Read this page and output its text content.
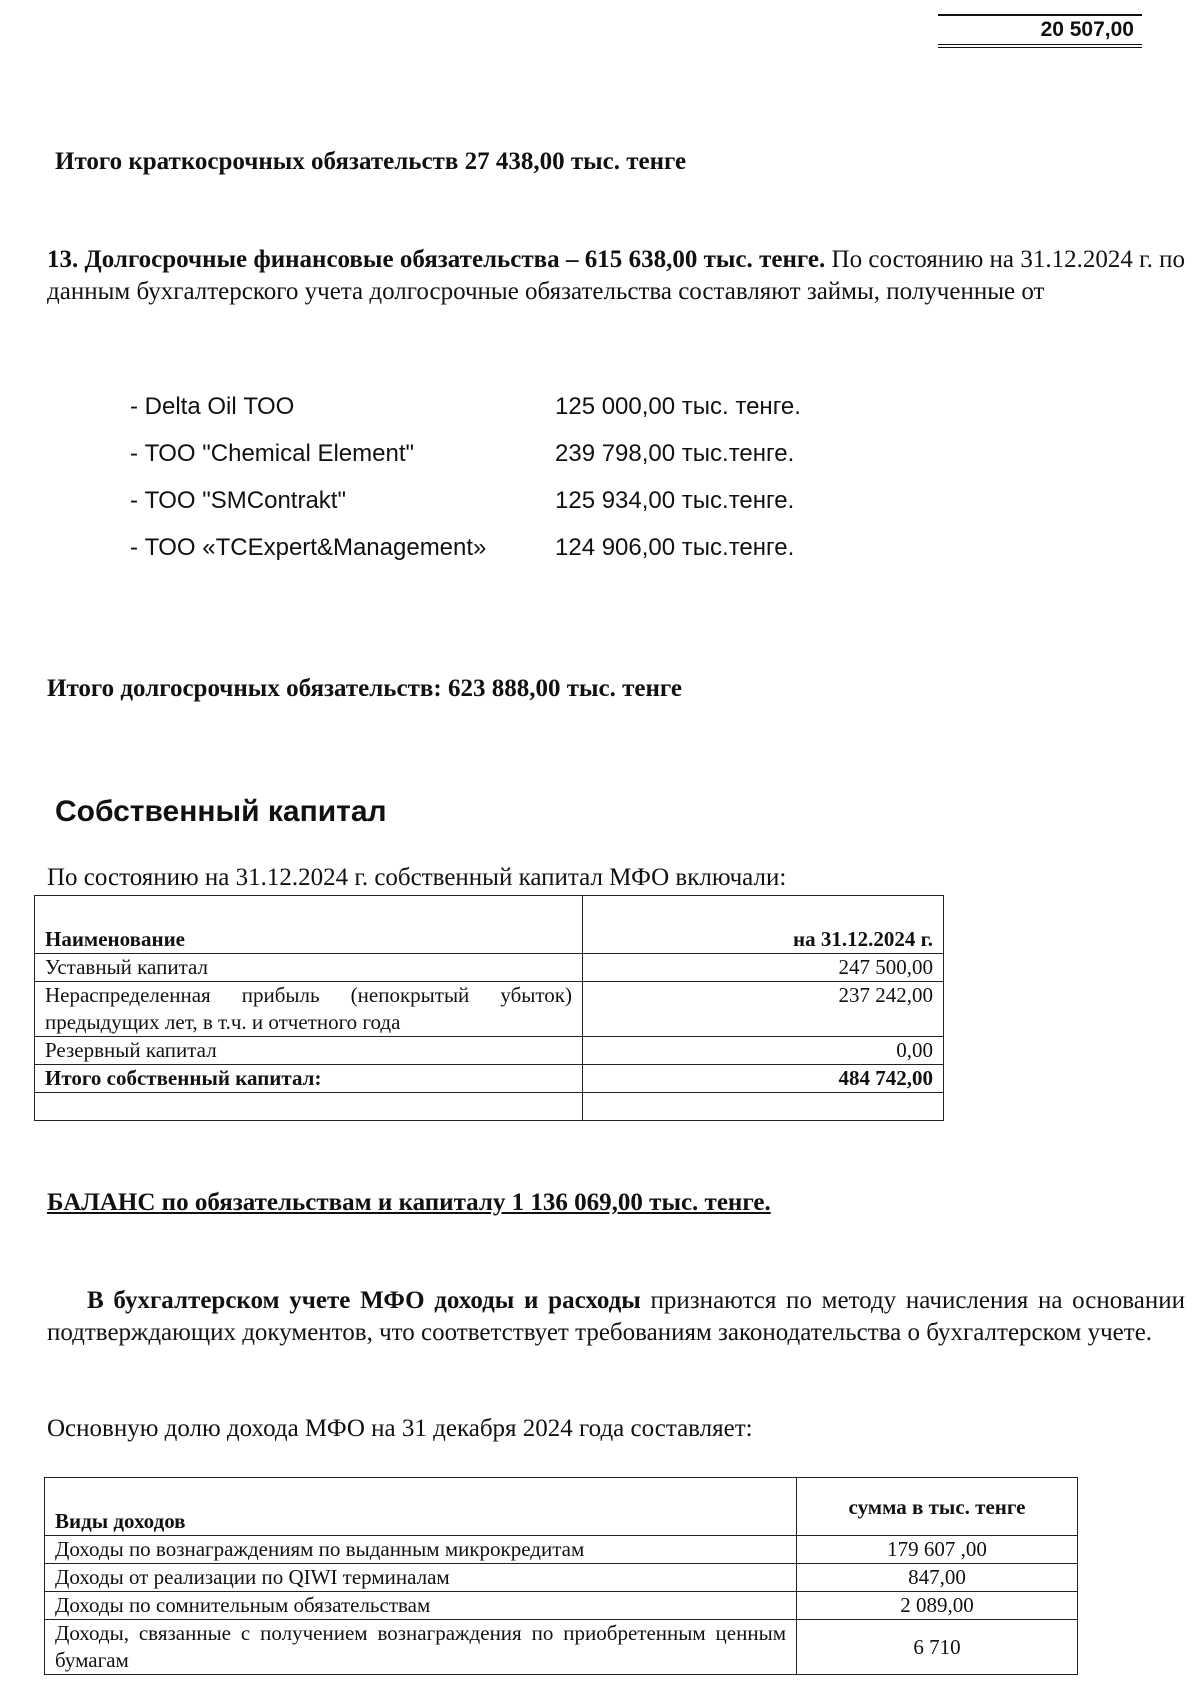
20 507,00
Итого краткосрочных обязательств 27 438,00 тыс. тенге
13. Долгосрочные финансовые обязательства – 615 638,00 тыс. тенге. По состоянию на 31.12.2024 г. по данным бухгалтерского учета долгосрочные обязательства составляют займы, полученные от
- Delta Oil ТОО	125 000,00 тыс. тенге.
- ТОО "Chemical Element"	239 798,00 тыс.тенге.
- ТОО "SMContrakt"	125 934,00 тыс.тенге.
- ТОО «TCExpert&Management»	124 906,00 тыс.тенге.
Итого долгосрочных обязательств: 623 888,00 тыс. тенге
Собственный капитал
По состоянию на 31.12.2024 г. собственный капитал МФО включали:
Наименование	на 31.12.2024 г.
Уставный капитал	247 500,00
Нераспределенная прибыль (непокрытый убыток) предыдущих лет, в т.ч. и отчетного года	237 242,00
Резервный капитал	0,00
Итого собственный капитал:	484 742,00

БАЛАНС по обязательствам и капиталу 1 136 069,00 тыс. тенге.
В бухгалтерском учете МФО доходы и расходы признаются по методу начисления на основании подтверждающих документов, что соответствует требованиям законодательства о бухгалтерском учете.
Основную долю дохода МФО на 31 декабря 2024 года составляет:
Виды доходов	сумма в тыс. тенге
Доходы по вознаграждениям по выданным микрокредитам	179 607 ,00
Доходы от реализации по QIWI терминалам	847,00
Доходы по сомнительным обязательствам	2 089,00
Доходы, связанные с получением вознаграждения по приобретенным ценным бумагам	6 710
